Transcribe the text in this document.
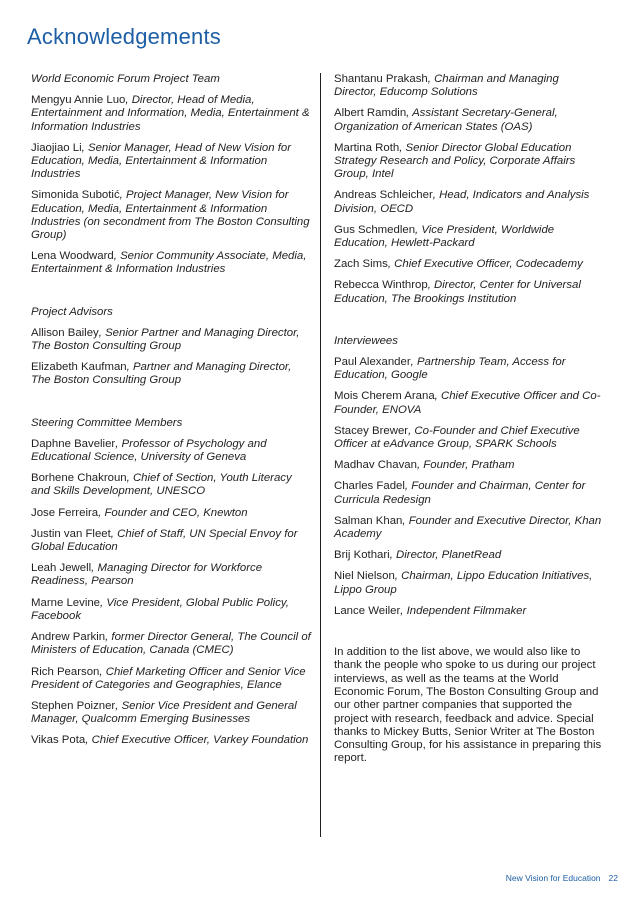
Acknowledgements
World Economic Forum Project Team
Mengyu Annie Luo, Director, Head of Media, Entertainment and Information, Media, Entertainment & Information Industries
Jiaojiao Li, Senior Manager, Head of New Vision for Education, Media, Entertainment & Information Industries
Simonida Subotić, Project Manager, New Vision for Education, Media, Entertainment & Information Industries (on secondment from The Boston Consulting Group)
Lena Woodward, Senior Community Associate, Media, Entertainment & Information Industries
Project Advisors
Allison Bailey, Senior Partner and Managing Director, The Boston Consulting Group
Elizabeth Kaufman, Partner and Managing Director, The Boston Consulting Group
Steering Committee Members
Daphne Bavelier, Professor of Psychology and Educational Science, University of Geneva
Borhene Chakroun, Chief of Section, Youth Literacy and Skills Development, UNESCO
Jose Ferreira, Founder and CEO, Knewton
Justin van Fleet, Chief of Staff, UN Special Envoy for Global Education
Leah Jewell, Managing Director for Workforce Readiness, Pearson
Marne Levine, Vice President, Global Public Policy, Facebook
Andrew Parkin, former Director General, The Council of Ministers of Education, Canada (CMEC)
Rich Pearson, Chief Marketing Officer and Senior Vice President of Categories and Geographies, Elance
Stephen Poizner, Senior Vice President and General Manager, Qualcomm Emerging Businesses
Vikas Pota, Chief Executive Officer, Varkey Foundation
Shantanu Prakash, Chairman and Managing Director, Educomp Solutions
Albert Ramdin, Assistant Secretary-General, Organization of American States (OAS)
Martina Roth, Senior Director Global Education Strategy Research and Policy, Corporate Affairs Group, Intel
Andreas Schleicher, Head, Indicators and Analysis Division, OECD
Gus Schmedlen, Vice President, Worldwide Education, Hewlett-Packard
Zach Sims, Chief Executive Officer, Codecademy
Rebecca Winthrop, Director, Center for Universal Education, The Brookings Institution
Interviewees
Paul Alexander, Partnership Team, Access for Education, Google
Mois Cherem Arana, Chief Executive Officer and Co-Founder, ENOVA
Stacey Brewer, Co-Founder and Chief Executive Officer at eAdvance Group, SPARK Schools
Madhav Chavan, Founder, Pratham
Charles Fadel, Founder and Chairman, Center for Curricula Redesign
Salman Khan, Founder and Executive Director, Khan Academy
Brij Kothari, Director, PlanetRead
Niel Nielson, Chairman, Lippo Education Initiatives, Lippo Group
Lance Weiler, Independent Filmmaker
In addition to the list above, we would also like to thank the people who spoke to us during our project interviews, as well as the teams at the World Economic Forum, The Boston Consulting Group and our other partner companies that supported the project with research, feedback and advice. Special thanks to Mickey Butts, Senior Writer at The Boston Consulting Group, for his assistance in preparing this report.
New Vision for Education 22
